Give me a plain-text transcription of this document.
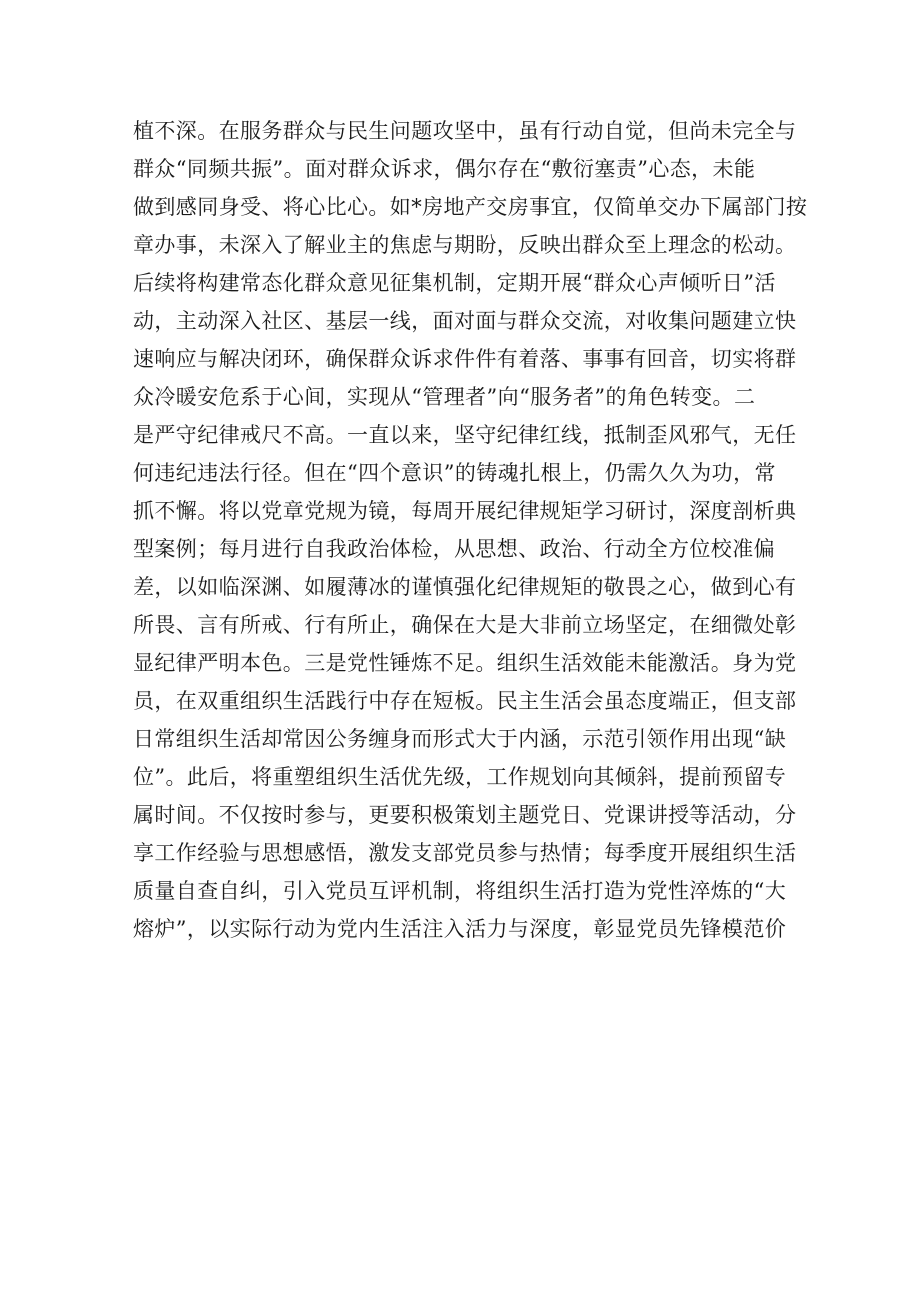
植不深。在服务群众与民生问题攻坚中，虽有行动自觉，但尚未完全与
群众“同频共振”。面对群众诉求，偶尔存在“敷衍塞责”心态，未能
做到感同身受、将心比心。如*房地产交房事宜，仅简单交办下属部门按
章办事，未深入了解业主的焦虑与期盼，反映出群众至上理念的松动。
后续将构建常态化群众意见征集机制，定期开展“群众心声倾听日”活
动，主动深入社区、基层一线，面对面与群众交流，对收集问题建立快
速响应与解决闭环，确保群众诉求件件有着落、事事有回音，切实将群
众冷暖安危系于心间，实现从“管理者”向“服务者”的角色转变。二
是严守纪律戒尺不高。一直以来，坚守纪律红线，抵制歪风邪气，无任
何违纪违法行径。但在“四个意识”的铸魂扎根上，仍需久久为功，常
抓不懈。将以党章党规为镜，每周开展纪律规矩学习研讨，深度剖析典
型案例；每月进行自我政治体检，从思想、政治、行动全方位校准偏
差，以如临深渊、如履薄冰的谨慎强化纪律规矩的敬畏之心，做到心有
所畏、言有所戒、行有所止，确保在大是大非前立场坚定，在细微处彰
显纪律严明本色。三是党性锤炼不足。组织生活效能未能激活。身为党
员，在双重组织生活践行中存在短板。民主生活会虽态度端正，但支部
日常组织生活却常因公务缠身而形式大于内涵，示范引领作用出现“缺
位”。此后，将重塑组织生活优先级，工作规划向其倾斜，提前预留专
属时间。不仅按时参与，更要积极策划主题党日、党课讲授等活动，分
享工作经验与思想感悟，激发支部党员参与热情；每季度开展组织生活
质量自查自纠，引入党员互评机制，将组织生活打造为党性淬炼的“大
熔炉”，以实际行动为党内生活注入活力与深度，彰显党员先锋模范价
